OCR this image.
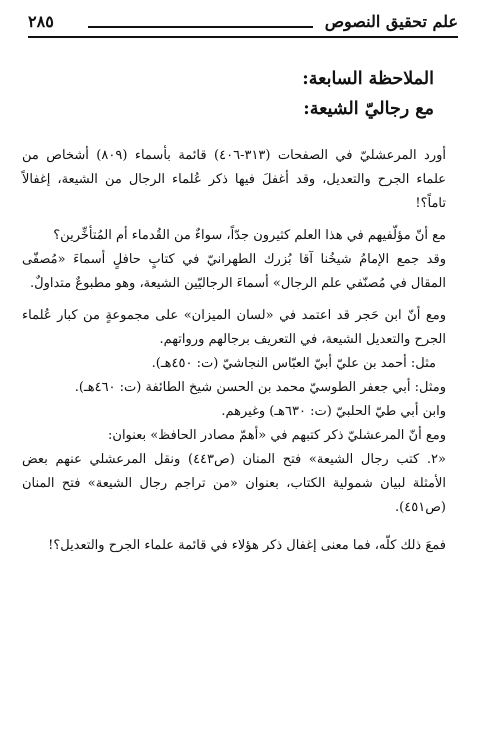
علم تحقيق النصوص
٢٨٥

الملاحظة السابعة:

مع رجاليّ الشيعة:

أورد المرعشليّ في الصفحات (٣١٣-٤٠٦) قائمة بأسماء (٨٠٩) أشخاص من علماء الجرح والتعديل، وقد أغفلَ فيها ذكر عُلماء الرجال من الشيعة، إغفالاً تاماً؟!

مع أنّ مؤلّفيهم في هذا العلم كثيرون جدّاً، سواءٌ من القُدماء أم المُتأخِّرين؟

وقد جمع الإمامُ شيخُنا آقا بُزرك الطهرانيّ في كتابٍ حافلٍ أسماءَ «مُصفّى المقال في مُصنّفي علم الرجال» أسماءَ الرجاليّين الشيعة، وهو مطبوعٌ متداولٌ.

ومع أنّ ابن حَجر قد اعتمد في «لسان الميزان» على مجموعةٍ من كبار عُلماء الجرح والتعديل الشيعة، في التعريف برجالهم ورواتهم.

مثل: أحمد بن عليّ أبيّ العبّاس النجاشيّ (ت: ٤٥٠هـ).

ومثل: أبي جعفر الطوسيّ محمد بن الحسن شيخ الطائفة (ت: ٤٦٠هـ).

وابن أبي طيّ الحلبيّ (ت: ٦٣٠هـ) وغيرهم.

ومع أنّ المرعشليّ ذكر كتبهم في «أهمّ مصادر الحافظ» بعنوان:

«٢. كتب رجال الشيعة» فتح المنان (ص٤٤٣) ونقل المرعشلي عنهم بعض الأمثلة لبيان شمولية الكتاب، بعنوان «من تراجم رجال الشيعة» فتح المنان (ص٤٥١).

فمعَ ذلك كلّه، فما معنى إغفال ذكر هؤلاء في قائمة علماء الجرح والتعديل؟!
